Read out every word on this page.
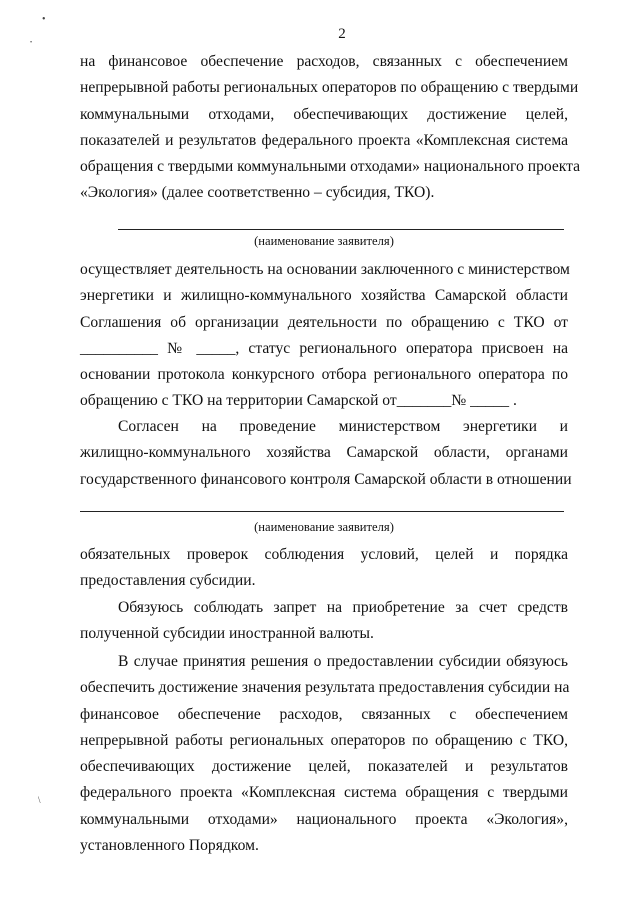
2
•
•
\
на финансовое обеспечение расходов, связанных с обеспечением
непрерывной работы региональных операторов по обращению с твердыми
коммунальными отходами, обеспечивающих достижение целей,
показателей и результатов федерального проекта «Комплексная система
обращения с твердыми коммунальными отходами» национального проекта
«Экология» (далее соответственно – субсидия, ТКО).
(наименование заявителя)
осуществляет деятельность на основании заключенного с министерством
энергетики и жилищно-коммунального хозяйства Самарской области
Соглашения об организации деятельности по обращению с ТКО от
__________ № _____, статус регионального оператора присвоен на
основании протокола конкурсного отбора регионального оператора по
обращению с ТКО на территории Самарской от_______№ _____ .
Согласен на проведение министерством энергетики и
жилищно-коммунального хозяйства Самарской области, органами
государственного финансового контроля Самарской области в отношении
(наименование заявителя)
обязательных проверок соблюдения условий, целей и порядка
предоставления субсидии.
Обязуюсь соблюдать запрет на приобретение за счет средств
полученной субсидии иностранной валюты.
В случае принятия решения о предоставлении субсидии обязуюсь
обеспечить достижение значения результата предоставления субсидии на
финансовое обеспечение расходов, связанных с обеспечением
непрерывной работы региональных операторов по обращению с ТКО,
обеспечивающих достижение целей, показателей и результатов
федерального проекта «Комплексная система обращения с твердыми
коммунальными отходами» национального проекта «Экология»,
установленного Порядком.
